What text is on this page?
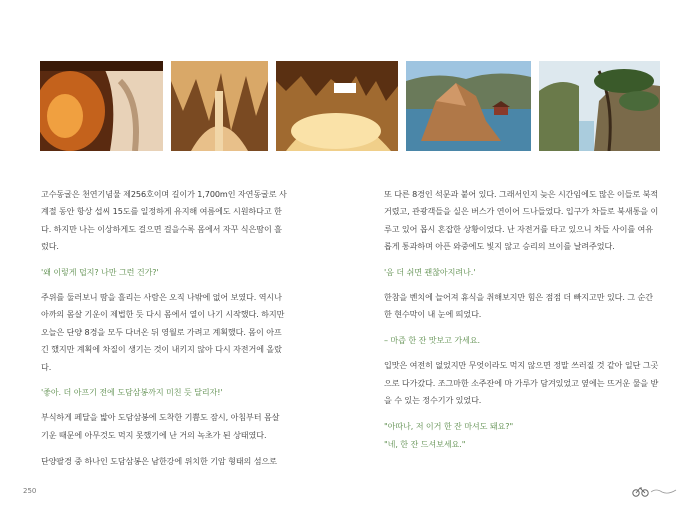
고수동굴은 천연기념물 제256호이며 길이가 1,700m인 자연동굴로 사계절 동안 항상 섭씨 15도를 일정하게 유지해 여름에도 시원하다고 한다. 하지만 나는 이상하게도 걸으면 걸을수록 몸에서 자꾸 식은땀이 흘렀다.

'왜 이렇게 덥지? 나만 그런 건가?'

주위를 둘러보니 땀을 흘리는 사람은 오직 나밖에 없어 보였다. 역시나 아까의 몸살 기운이 제법한 듯 다시 몸에서 열이 나기 시작했다. 하지만 오늘은 단양 8경을 모두 다녀온 뒤 영월로 가려고 계획했다. 몸이 아프긴 했지만 계획에 차질이 생기는 것이 내키지 않아 다시 자전거에 올랐다.

'좋아. 더 아프기 전에 도담삼봉까지 미친 듯 달리자!'

부식하게 페달을 밟아 도담삼봉에 도착한 기쁨도 잠시, 아침부터 몸살 기운 때문에 아무것도 먹지 못했기에 난 거의 녹초가 된 상태였다.

단양팔경 중 하나인 도담삼봉은 남한강에 위치한 기암 형태의 섬으로

또 다른 8경인 석문과 붙어 있다. 그래서인지 늦은 시간임에도 많은 이들로 북적거렸고, 관광객들을 실은 버스가 연이어 드나들었다. 입구가 차들로 북새통을 이루고 있어 몹시 혼잡한 상황이었다. 난 자전거를 타고 있으니 차들 사이를 여유롭게 통과하며 아픈 와중에도 빛지 않고 승리의 브이를 날려주었다.

'음 더 쉬면 괜찮아지려나.'

한참을 벤치에 늘어져 휴식을 취해보지만 힘은 점점 더 빠지고만 있다. 그 순간 한 현수막이 내 눈에 띄었다.

– 마즙 한 잔 맛보고 가세요.

입맛은 여전히 없었지만 무엇이라도 먹지 않으면 정말 쓰러질 것 같아 일단 그곳으로 다가갔다. 조그마한 소주잔에 마 가루가 담겨있었고 옆에는 뜨거운 물을 받을 수 있는 정수기가 있었다.

"아따나, 저 이거 한 잔 마셔도 돼요?"

"네, 한 잔 드셔보세요."

250
